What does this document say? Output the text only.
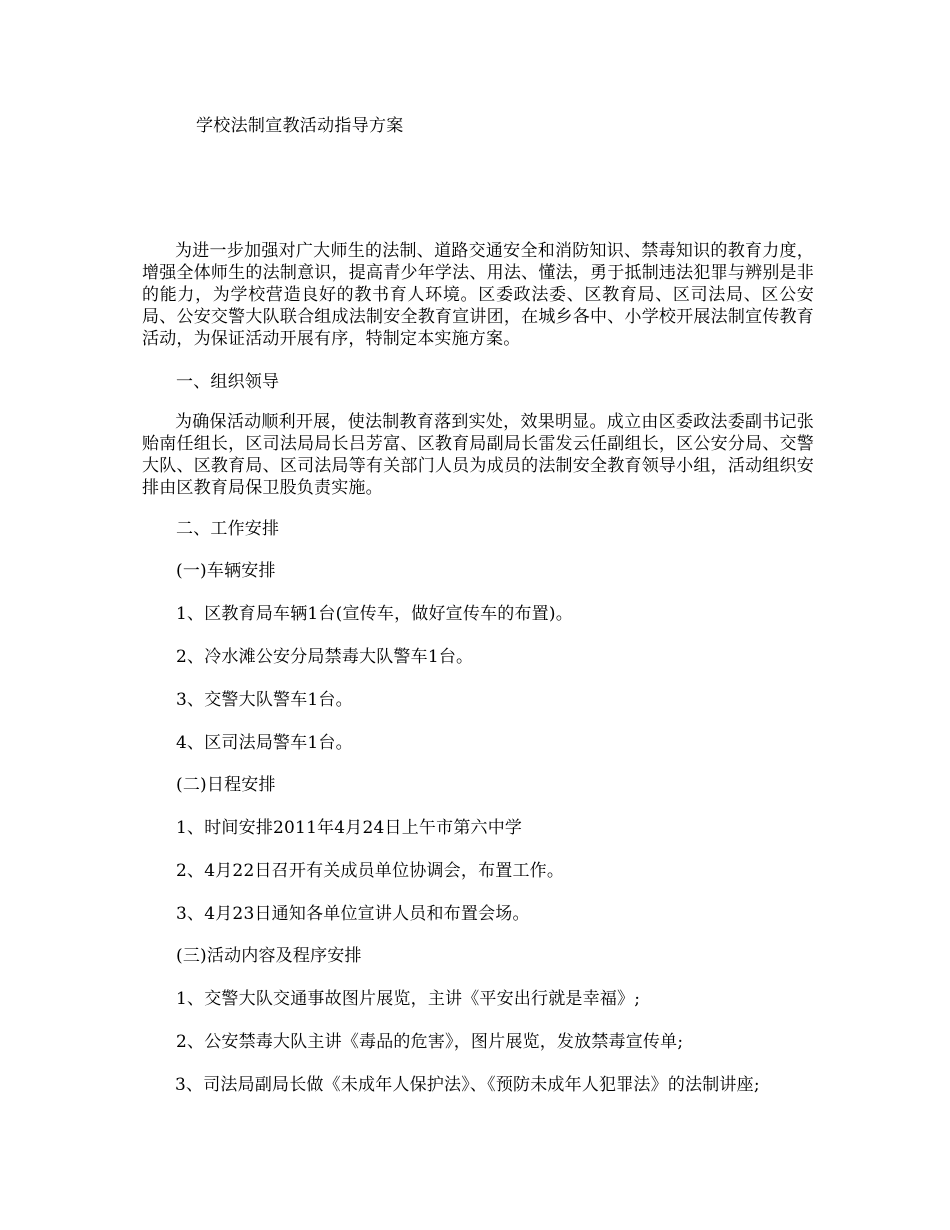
学校法制宣教活动指导方案

为进一步加强对广大师生的法制、道路交通安全和消防知识、禁毒知识的教育力度，增强全体师生的法制意识，提高青少年学法、用法、懂法，勇于抵制违法犯罪与辨别是非的能力，为学校营造良好的教书育人环境。区委政法委、区教育局、区司法局、区公安局、公安交警大队联合组成法制安全教育宣讲团，在城乡各中、小学校开展法制宣传教育活动，为保证活动开展有序，特制定本实施方案。

一、组织领导

为确保活动顺利开展，使法制教育落到实处，效果明显。成立由区委政法委副书记张贻南任组长，区司法局局长吕芳富、区教育局副局长雷发云任副组长，区公安分局、交警大队、区教育局、区司法局等有关部门人员为成员的法制安全教育领导小组，活动组织安排由区教育局保卫股负责实施。

二、工作安排
(一)车辆安排
1、区教育局车辆1台(宣传车，做好宣传车的布置)。
2、冷水滩公安分局禁毒大队警车1台。
3、交警大队警车1台。
4、区司法局警车1台。
(二)日程安排
1、时间安排2011年4月24日上午市第六中学
2、4月22日召开有关成员单位协调会，布置工作。
3、4月23日通知各单位宣讲人员和布置会场。
(三)活动内容及程序安排
1、交警大队交通事故图片展览，主讲《平安出行就是幸福》;
2、公安禁毒大队主讲《毒品的危害》，图片展览，发放禁毒宣传单;

3、司法局副局长做《未成年人保护法》、《预防未成年人犯罪法》的法制讲座;
